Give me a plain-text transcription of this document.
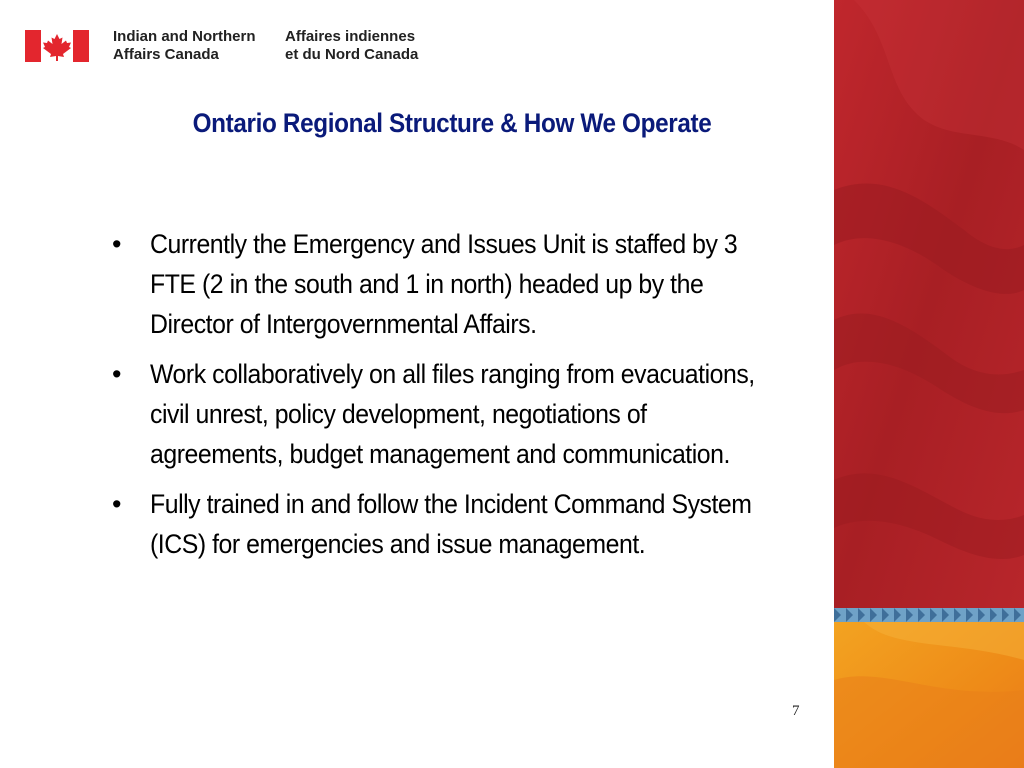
Indian and Northern
Affairs Canada
Affaires indiennes
et du Nord Canada
Ontario Regional Structure & How We Operate
•	Currently the Emergency and Issues Unit is staffed by 3 FTE (2 in the south and 1 in north) headed up by the Director of Intergovernmental Affairs.
•	Work collaboratively on all files ranging from evacuations, civil unrest, policy development, negotiations of agreements, budget management and communication.
•	Fully trained in and follow the Incident Command System (ICS) for emergencies and issue management.
7
